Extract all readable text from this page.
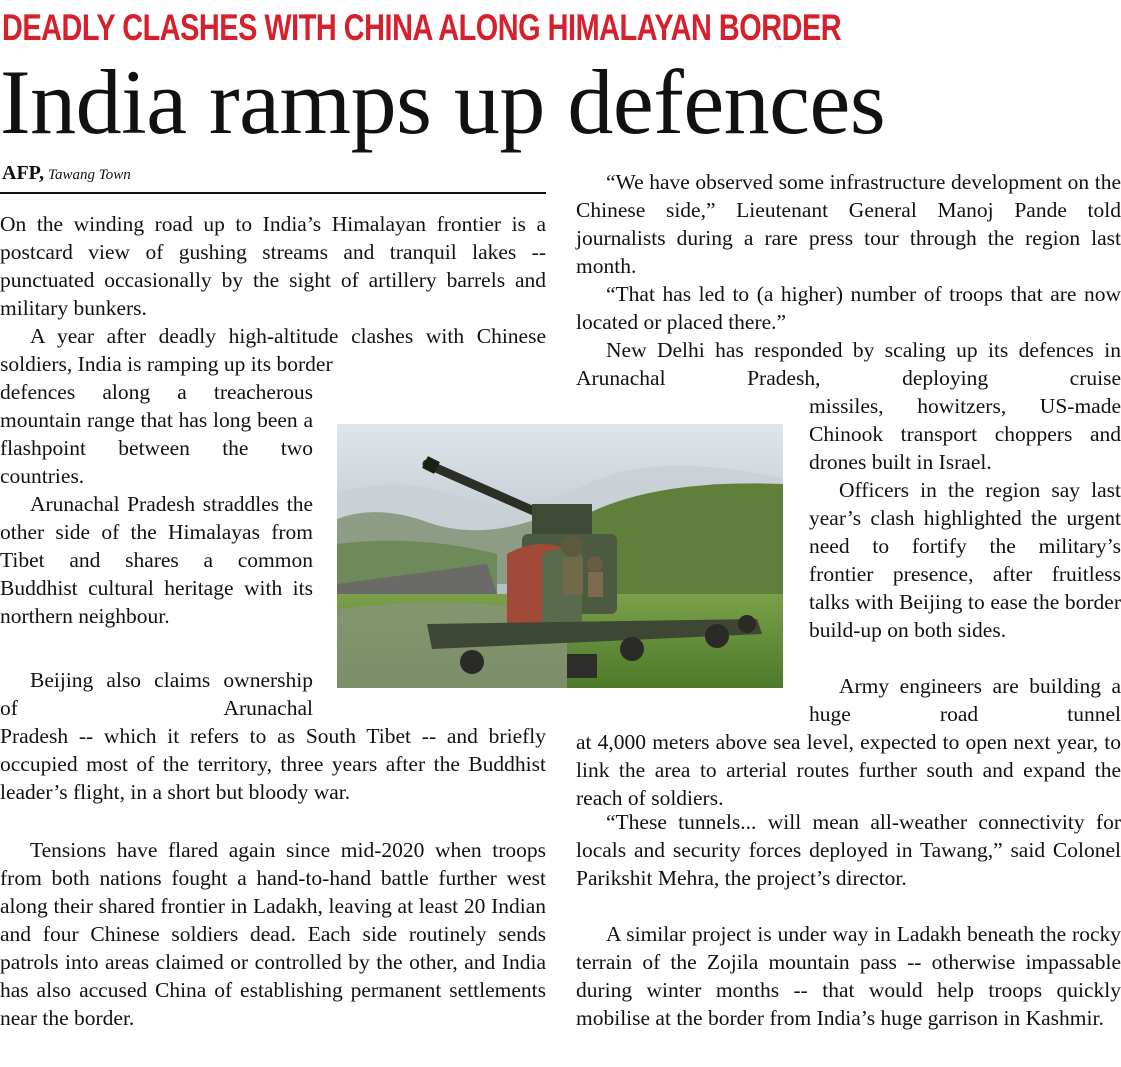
DEADLY CLASHES WITH CHINA ALONG HIMALAYAN BORDER
India ramps up defences
AFP, Tawang Town
On the winding road up to India’s Himalayan frontier is a postcard view of gushing streams and tranquil lakes -- punctuated occasionally by the sight of artillery barrels and military bunkers.
A year after deadly high-altitude clashes with Chinese soldiers, India is ramping up its border
defences along a treacherous mountain range that has long been a flashpoint between the two countries.
Arunachal Pradesh straddles the other side of the Himalayas from Tibet and shares a common Buddhist cultural heritage with its northern neighbour.
Beijing also claims ownership of Arunachal
Pradesh -- which it refers to as South Tibet -- and briefly occupied most of the territory, three years after the Buddhist leader’s flight, in a short but bloody war.
Tensions have flared again since mid-2020 when troops from both nations fought a hand-to-hand battle further west along their shared frontier in Ladakh, leaving at least 20 Indian and four Chinese soldiers dead. Each side routinely sends patrols into areas claimed or controlled by the other, and India has also accused China of establishing permanent settlements near the border.
“We have observed some infrastructure development on the Chinese side,” Lieutenant General Manoj Pande told journalists during a rare press tour through the region last month.
“That has led to (a higher) number of troops that are now located or placed there.”
New Delhi has responded by scaling up its defences in Arunachal Pradesh, deploying cruise
missiles, howitzers, US-made Chinook transport choppers and drones built in Israel.
Officers in the region say last year’s clash highlighted the urgent need to fortify the military’s frontier presence, after fruitless talks with Beijing to ease the border build-up on both sides.
Army engineers are building a huge road tunnel
at 4,000 meters above sea level, expected to open next year, to link the area to arterial routes further south and expand the reach of soldiers.
“These tunnels... will mean all-weather connectivity for locals and security forces deployed in Tawang,” said Colonel Parikshit Mehra, the project’s director.
A similar project is under way in Ladakh beneath the rocky terrain of the Zojila mountain pass -- otherwise impassable during winter months -- that would help troops quickly mobilise at the border from India’s huge garrison in Kashmir.
